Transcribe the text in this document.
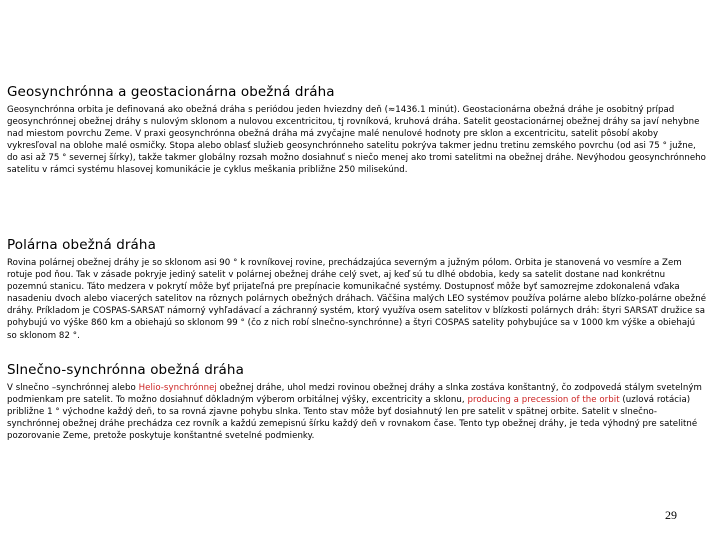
Geosynchrónna a geostacionárna obežná dráha

Geosynchrónna orbita je definovaná ako obežná dráha s periódou jeden hviezdny deň (≈1436.1 minút). Geostacionárna obežná dráhe je osobitný prípad geosynchrónnej obežnej dráhy s nulovým sklonom a nulovou excentricitou, tj rovníková, kruhová dráha. Satelit geostacionárnej obežnej dráhy sa javí nehybne nad miestom povrchu Zeme. V praxi geosynchrónna obežná dráha má zvyčajne malé nenulové hodnoty pre sklon a excentricitu, satelit pôsobí akoby vykresľoval na oblohe malé osmičky. Stopa alebo oblasť služieb geosynchrónneho satelitu pokrýva takmer jednu tretinu zemského povrchu (od asi 75 ° južne, do asi až 75 ° severnej šírky), takže takmer globálny rozsah možno dosiahnuť s niečo menej ako tromi satelitmi na obežnej dráhe. Nevýhodou geosynchrónneho satelitu v rámci systému hlasovej komunikácie je cyklus meškania približne 250 milisekúnd.

Polárna obežná dráha

Rovina polárnej obežnej dráhy je so sklonom asi 90 ° k rovníkovej rovine, prechádzajúca severným a južným pólom. Orbita je stanovená vo vesmíre a Zem rotuje pod ňou. Tak v zásade pokryje jediný satelit v polárnej obežnej dráhe celý svet, aj keď sú tu dlhé obdobia, kedy sa satelit dostane nad konkrétnu pozemnú stanicu. Táto medzera v pokrytí môže byť prijateľná pre prepínacie komunikačné systémy. Dostupnosť môže byť samozrejme zdokonalená vďaka nasadeniu dvoch alebo viacerých satelitov na rôznych polárnych obežných dráhach. Väčšina malých LEO systémov používa polárne alebo blízko-polárne obežné dráhy. Príkladom je COSPAS-SARSAT námorný vyhľadávací a záchranný systém, ktorý využíva osem satelitov v blízkosti polárnych dráh: štyri SARSAT družice sa pohybujú vo výške 860 km a obiehajú so sklonom 99 ° (čo z nich robí slnečno-synchrónne) a štyri COSPAS satelity pohybujúce sa v 1000 km výške a obiehajú so sklonom 82 °.

Slnečno-synchrónna obežná dráha

V slnečno –synchrónnej alebo Helio-synchrónnej obežnej dráhe, uhol medzi rovinou obežnej dráhy a slnka zostáva konštantný, čo zodpovedá stálym svetelným podmienkam pre satelit. To možno dosiahnuť dôkladným výberom orbitálnej výšky, excentricity a sklonu, producing a precession of the orbit (uzlová rotácia) približne 1 ° východne každý deň, to sa rovná zjavne pohybu slnka. Tento stav môže byť dosiahnutý len pre satelit v spätnej orbite. Satelit v slnečno-synchrónnej obežnej dráhe prechádza cez rovník a každú zemepisnú šírku každý deň v rovnakom čase. Tento typ obežnej dráhy, je teda výhodný pre satelitné pozorovanie Zeme, pretože poskytuje konštantné svetelné podmienky.

29
